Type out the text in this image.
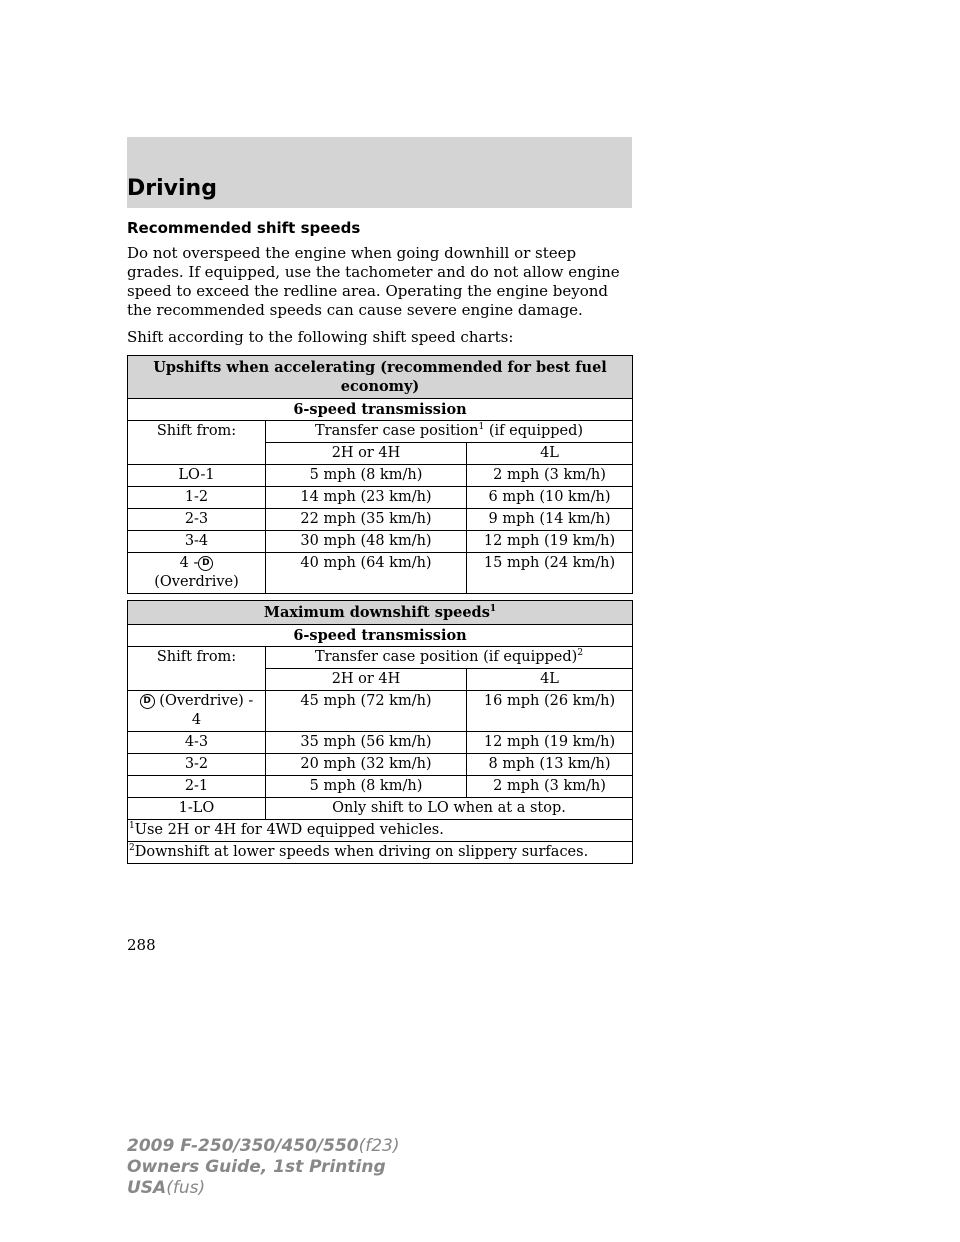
Driving
Recommended shift speeds

Do not overspeed the engine when going downhill or steep grades. If equipped, use the tachometer and do not allow engine speed to exceed the redline area. Operating the engine beyond the recommended speeds can cause severe engine damage.

Shift according to the following shift speed charts:

Upshifts when accelerating (recommended for best fuel economy)		
6-speed transmission		
Shift from:	Transfer case position$^1$ (if equipped)	
	2H or 4H	4L
LO-1	5 mph (8 km/h)	2 mph (3 km/h)
1-2	14 mph (23 km/h)	6 mph (10 km/h)
2-3	22 mph (35 km/h)	9 mph (14 km/h)
3-4	30 mph (48 km/h)	12 mph (19 km/h)
4 - D
(Overdrive)	40 mph (64 km/h)	15 mph (24 km/h)
Maximum downshift speeds$^1$
6-speed transmission		
Shift from:	Transfer case position (if equipped)$^2$
	2H or 4H	4L
D (Overdrive) -
4	45 mph (72 km/h)	16 mph (26 km/h)
4-3	35 mph (56 km/h)	12 mph (19 km/h)
3-2	20 mph (32 km/h)	8 mph (13 km/h)
2-1	5 mph (8 km/h)	2 mph (3 km/h)
1-LO	Only shift to LO when at a stop.	
$^1$Use 2H or 4H for 4WD equipped vehicles.		
$^2$Downshift at lower speeds when driving on slippery surfaces.		
288
2009 F-250/350/450/550(f23)
Owners Guide, 1st Printing
USA(fus)
